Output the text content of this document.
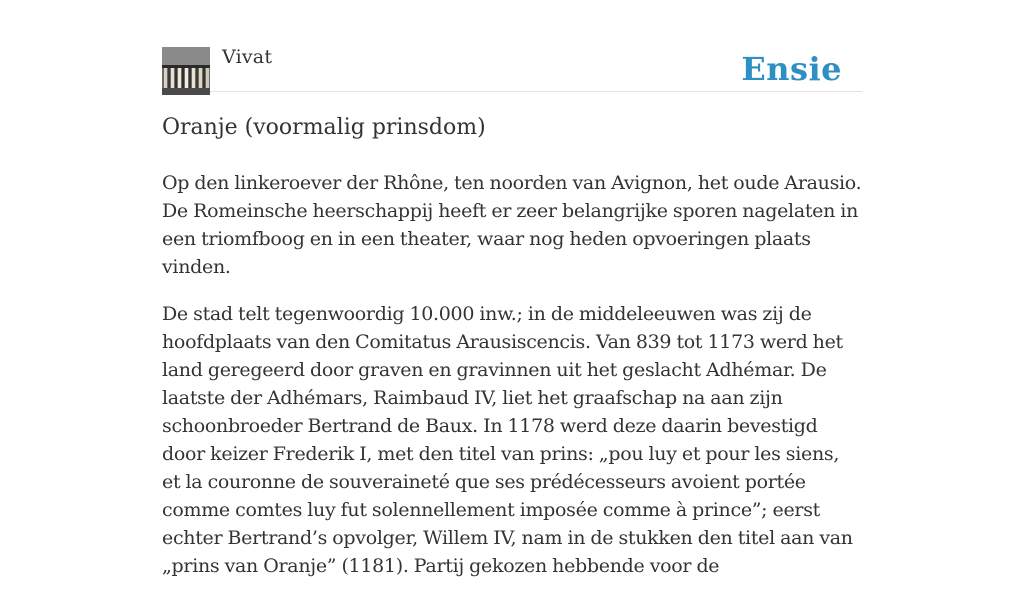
Vivat	Ensie
Oranje (voormalig prinsdom)

Op den linkeroever der Rhône, ten noorden van Avignon, het oude Arausio. De Romeinsche heerschappij heeft er zeer belangrijke sporen nagelaten in een triomfboog en in een theater, waar nog heden opvoeringen plaats vinden.

De stad telt tegenwoordig 10.000 inw.; in de middeleeuwen was zij de hoofdplaats van den Comitatus Arausiscencis. Van 839 tot 1173 werd het land geregeerd door graven en gravinnen uit het geslacht Adhémar. De laatste der Adhémars, Raimbaud IV, liet het graafschap na aan zijn schoonbroeder Bertrand de Baux. In 1178 werd deze daarin bevestigd door keizer Frederik I, met den titel van prins: „pou luy et pour les siens, et la couronne de souveraineté que ses prédécesseurs avoient portée comme comtes luy fut solennellement imposée comme à prince”; eerst echter Bertrand’s opvolger, Willem IV, nam in de stukken den titel aan van „prins van Oranje” (1181). Partij gekozen hebbende voor de
